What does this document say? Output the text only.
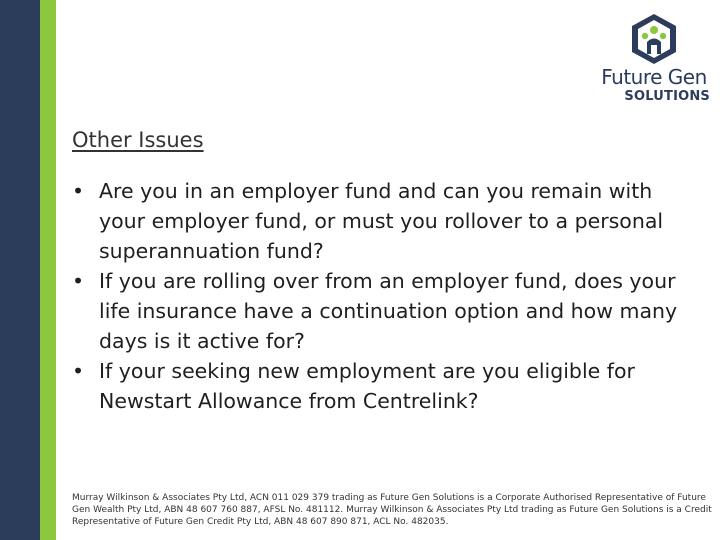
Future Gen
SOLUTIONS
Other Issues
• Are you in an employer fund and can you remain with your employer fund, or must you rollover to a personal superannuation fund?
• If you are rolling over from an employer fund, does your life insurance have a continuation option and how many days is it active for?
• If your seeking new employment are you eligible for Newstart Allowance from Centrelink?
Murray Wilkinson & Associates Pty Ltd, ACN 011 029 379 trading as Future Gen Solutions is a Corporate Authorised Representative of Future Gen Wealth Pty Ltd, ABN 48 607 760 887, AFSL No. 481112. Murray Wilkinson & Associates Pty Ltd trading as Future Gen Solutions is a Credit Representative of Future Gen Credit Pty Ltd, ABN 48 607 890 871, ACL No. 482035.
